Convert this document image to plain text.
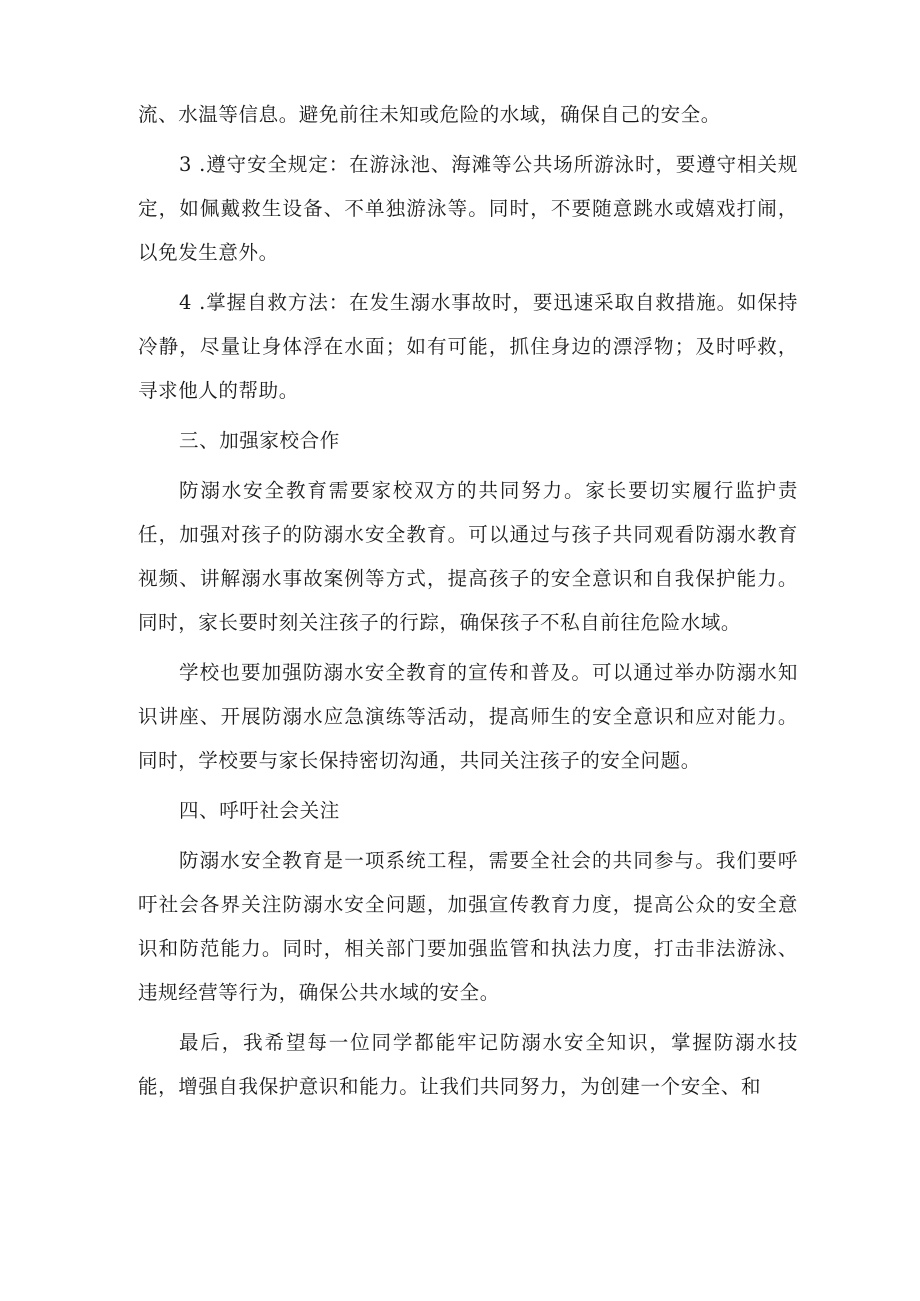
流、水温等信息。避免前往未知或危险的水域，确保自己的安全。

3 .遵守安全规定：在游泳池、海滩等公共场所游泳时，要遵守相关规定，如佩戴救生设备、不单独游泳等。同时，不要随意跳水或嬉戏打闹，以免发生意外。

4 .掌握自救方法：在发生溺水事故时，要迅速采取自救措施。如保持冷静，尽量让身体浮在水面；如有可能，抓住身边的漂浮物；及时呼救，寻求他人的帮助。

三、加强家校合作

防溺水安全教育需要家校双方的共同努力。家长要切实履行监护责任，加强对孩子的防溺水安全教育。可以通过与孩子共同观看防溺水教育视频、讲解溺水事故案例等方式，提高孩子的安全意识和自我保护能力。同时，家长要时刻关注孩子的行踪，确保孩子不私自前往危险水域。

学校也要加强防溺水安全教育的宣传和普及。可以通过举办防溺水知识讲座、开展防溺水应急演练等活动，提高师生的安全意识和应对能力。同时，学校要与家长保持密切沟通，共同关注孩子的安全问题。

四、呼吁社会关注

防溺水安全教育是一项系统工程，需要全社会的共同参与。我们要呼吁社会各界关注防溺水安全问题，加强宣传教育力度，提高公众的安全意识和防范能力。同时，相关部门要加强监管和执法力度，打击非法游泳、违规经营等行为，确保公共水域的安全。

最后，我希望每一位同学都能牢记防溺水安全知识，掌握防溺水技能，增强自我保护意识和能力。让我们共同努力，为创建一个安全、和
